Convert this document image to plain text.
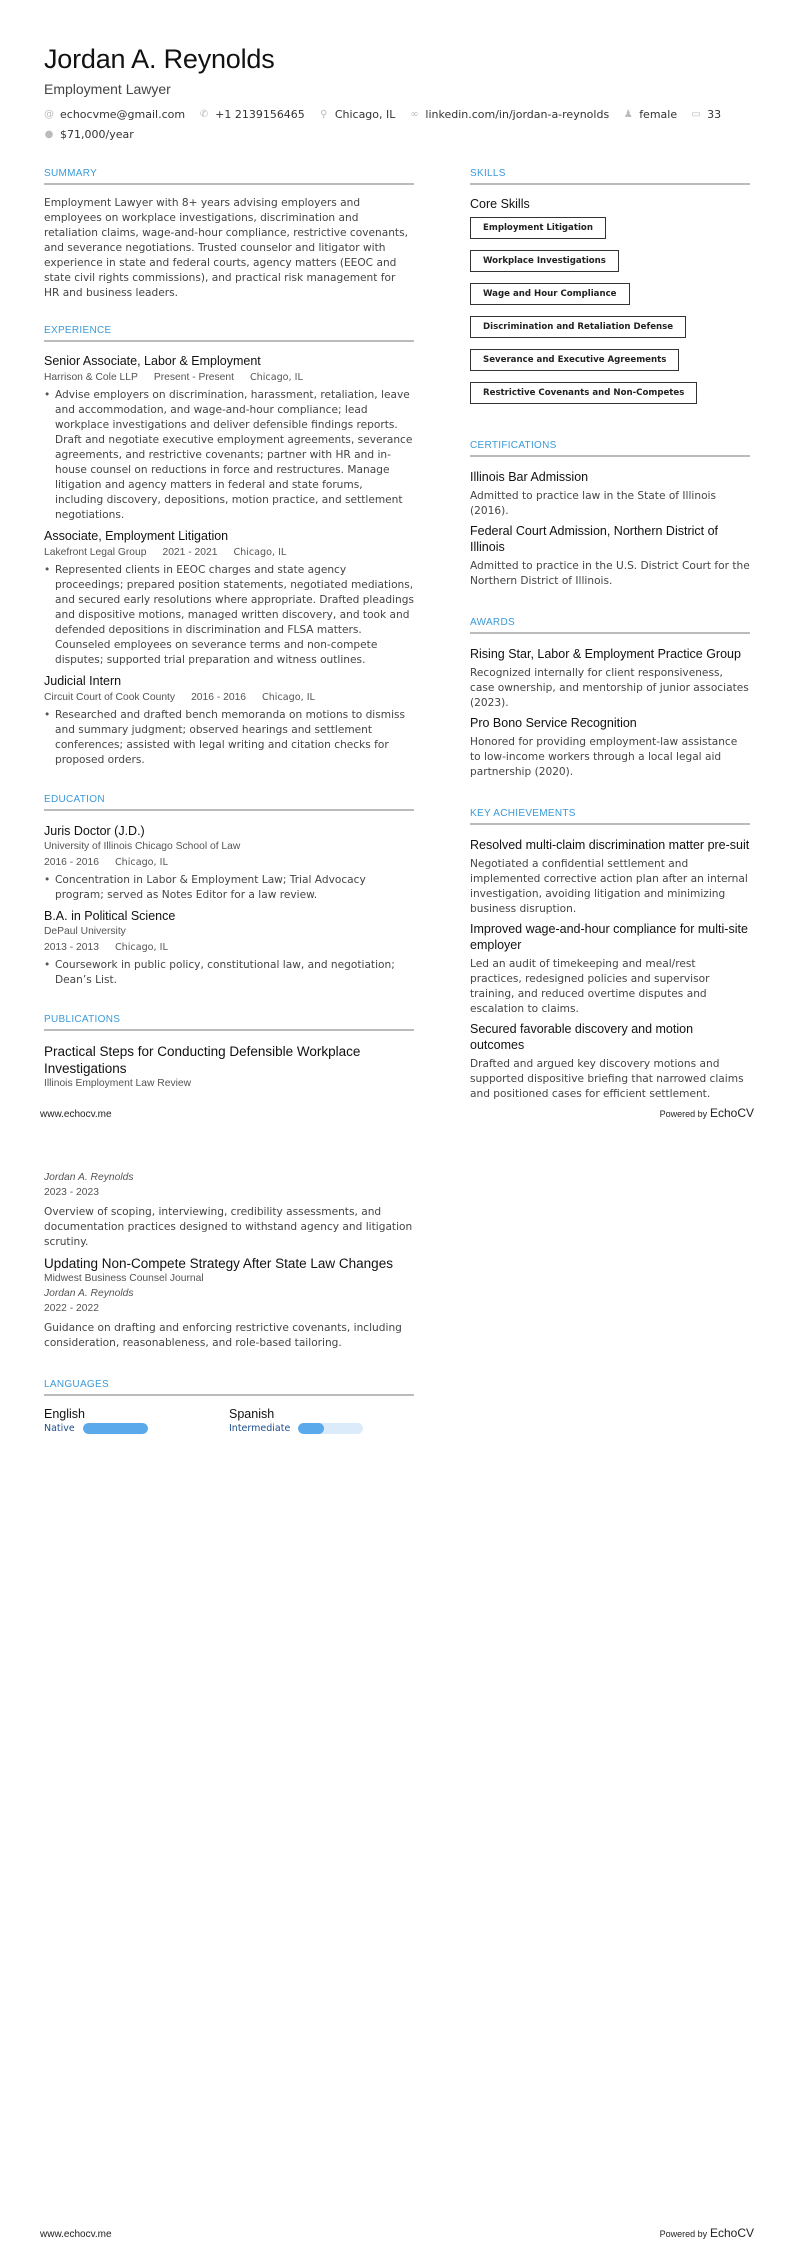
Jordan A. Reynolds
Employment Lawyer
@ echocvme@gmail.com ✆ +1 2139156465 ⚲ Chicago, IL ∞ linkedin.com/in/jordan-a-reynolds ♟ female ▭ 33
● $71,000/year
SUMMARY

Employment Lawyer with 8+ years advising employers and employees on workplace investigations, discrimination and retaliation claims, wage-and-hour compliance, restrictive covenants, and severance negotiations. Trusted counselor and litigator with experience in state and federal courts, agency matters (EEOC and state civil rights commissions), and practical risk management for HR and business leaders.

EXPERIENCE
Senior Associate, Labor & Employment
Harrison & Cole LLP Present - Present Chicago, IL
• Advise employers on discrimination, harassment, retaliation, leave and accommodation, and wage-and-hour compliance; lead workplace investigations and deliver defensible findings reports. Draft and negotiate executive employment agreements, severance agreements, and restrictive covenants; partner with HR and in-house counsel on reductions in force and restructures. Manage litigation and agency matters in federal and state forums, including discovery, depositions, motion practice, and settlement negotiations.
Associate, Employment Litigation
Lakefront Legal Group 2021 - 2021 Chicago, IL
• Represented clients in EEOC charges and state agency proceedings; prepared position statements, negotiated mediations, and secured early resolutions where appropriate. Drafted pleadings and dispositive motions, managed written discovery, and took and defended depositions in discrimination and FLSA matters. Counseled employees on severance terms and non-compete disputes; supported trial preparation and witness outlines.
Judicial Intern
Circuit Court of Cook County 2016 - 2016 Chicago, IL
• Researched and drafted bench memoranda on motions to dismiss and summary judgment; observed hearings and settlement conferences; assisted with legal writing and citation checks for proposed orders.
EDUCATION
Juris Doctor (J.D.)
University of Illinois Chicago School of Law
2016 - 2016 Chicago, IL
• Concentration in Labor & Employment Law; Trial Advocacy program; served as Notes Editor for a law review.
B.A. in Political Science
DePaul University
2013 - 2013 Chicago, IL
• Coursework in public policy, constitutional law, and negotiation; Dean’s List.
PUBLICATIONS
Practical Steps for Conducting Defensible Workplace Investigations
Illinois Employment Law Review
SKILLS
Core Skills
Employment Litigation
Workplace Investigations
Wage and Hour Compliance
Discrimination and Retaliation Defense
Severance and Executive Agreements
Restrictive Covenants and Non-Competes
CERTIFICATIONS
Illinois Bar Admission

Admitted to practice law in the State of Illinois (2016).

Federal Court Admission, Northern District of Illinois

Admitted to practice in the U.S. District Court for the Northern District of Illinois.

AWARDS
Rising Star, Labor & Employment Practice Group

Recognized internally for client responsiveness, case ownership, and mentorship of junior associates (2023).

Pro Bono Service Recognition

Honored for providing employment-law assistance to low-income workers through a local legal aid partnership (2020).

KEY ACHIEVEMENTS
Resolved multi-claim discrimination matter pre-suit

Negotiated a confidential settlement and implemented corrective action plan after an internal investigation, avoiding litigation and minimizing business disruption.

Improved wage-and-hour compliance for multi-site employer

Led an audit of timekeeping and meal/rest practices, redesigned policies and supervisor training, and reduced overtime disputes and escalation to claims.

Secured favorable discovery and motion outcomes

Drafted and argued key discovery motions and supported dispositive briefing that narrowed claims and positioned cases for efficient settlement.

www.echocv.me	Powered by EchoCV
Jordan A. Reynolds
2023 - 2023

Overview of scoping, interviewing, credibility assessments, and documentation practices designed to withstand agency and litigation scrutiny.

Updating Non-Compete Strategy After State Law Changes
Midwest Business Counsel Journal
Jordan A. Reynolds
2022 - 2022

Guidance on drafting and enforcing restrictive covenants, including consideration, reasonableness, and role-based tailoring.

LANGUAGES
English
Native
Spanish
Intermediate
www.echocv.me	Powered by EchoCV
